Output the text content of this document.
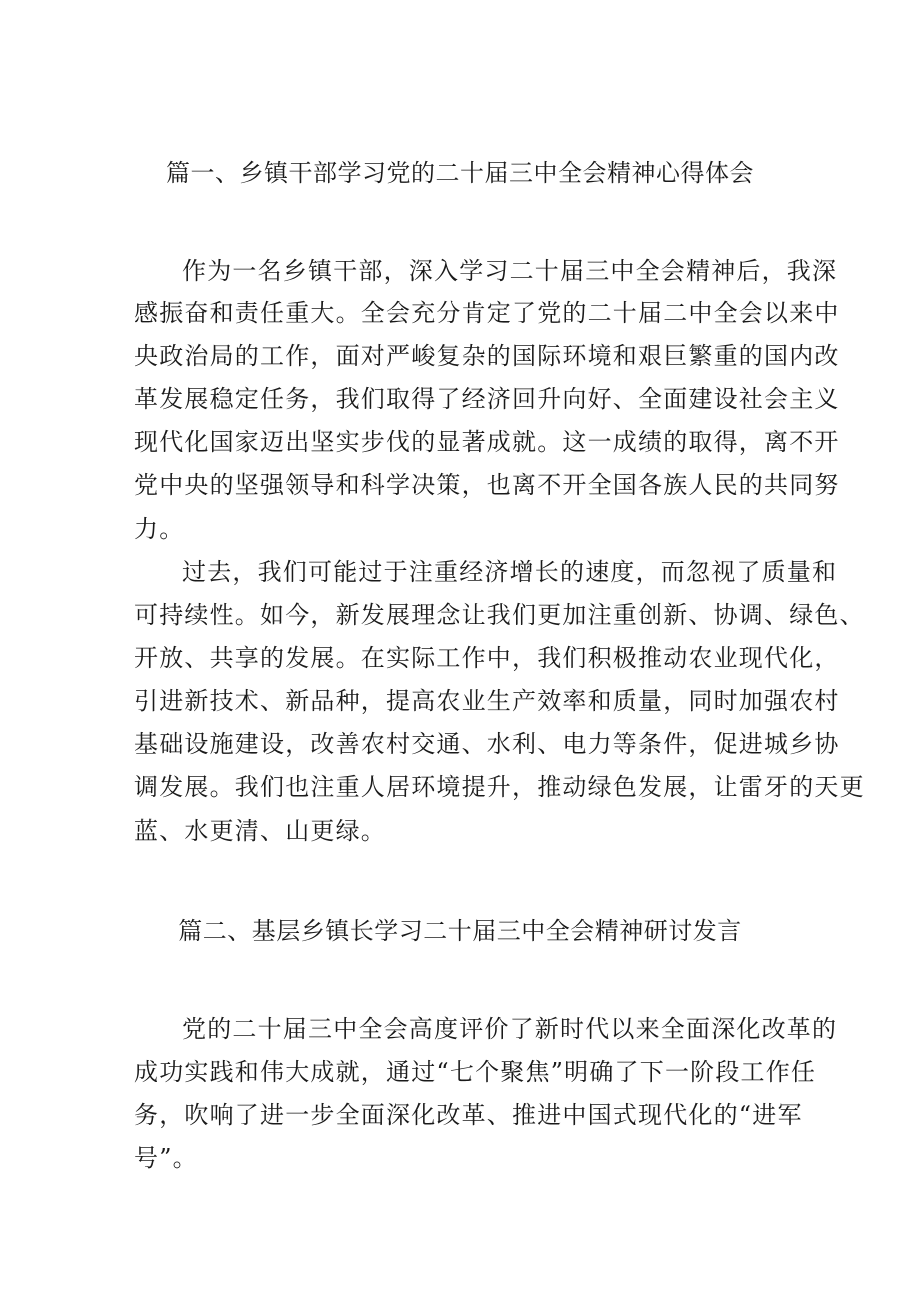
篇一、乡镇干部学习党的二十届三中全会精神心得体会
作为一名乡镇干部，深入学习二十届三中全会精神后，我深
感振奋和责任重大。全会充分肯定了党的二十届二中全会以来中
央政治局的工作，面对严峻复杂的国际环境和艰巨繁重的国内改
革发展稳定任务，我们取得了经济回升向好、全面建设社会主义
现代化国家迈出坚实步伐的显著成就。这一成绩的取得，离不开
党中央的坚强领导和科学决策，也离不开全国各族人民的共同努
力。
过去，我们可能过于注重经济增长的速度，而忽视了质量和
可持续性。如今，新发展理念让我们更加注重创新、协调、绿色、
开放、共享的发展。在实际工作中，我们积极推动农业现代化，
引进新技术、新品种，提高农业生产效率和质量，同时加强农村
基础设施建设，改善农村交通、水利、电力等条件，促进城乡协
调发展。我们也注重人居环境提升，推动绿色发展，让雷牙的天更
蓝、水更清、山更绿。
篇二、基层乡镇长学习二十届三中全会精神研讨发言
党的二十届三中全会高度评价了新时代以来全面深化改革的
成功实践和伟大成就，通过“七个聚焦”明确了下一阶段工作任
务，吹响了进一步全面深化改革、推进中国式现代化的“进军
号”。
